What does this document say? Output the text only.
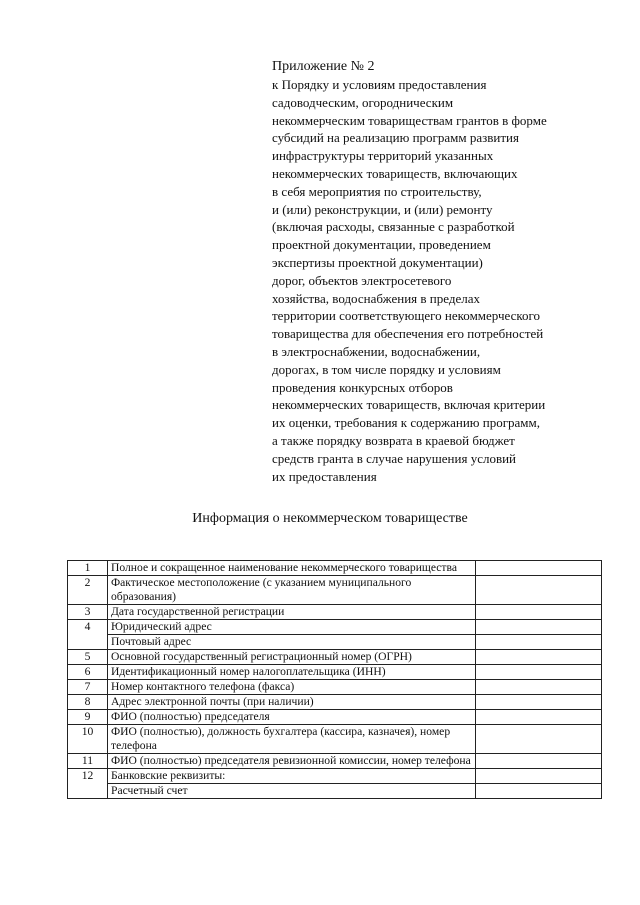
Приложение № 2
к Порядку и условиям предоставления
садоводческим, огородническим
некоммерческим товариществам грантов в форме
субсидий на реализацию программ развития
инфраструктуры территорий указанных
некоммерческих товариществ, включающих
в себя мероприятия по строительству,
и (или) реконструкции, и (или) ремонту
(включая расходы, связанные с разработкой
проектной документации, проведением
экспертизы проектной документации)
дорог, объектов электросетевого
хозяйства, водоснабжения в пределах
территории соответствующего некоммерческого
товарищества для обеспечения его потребностей
в электроснабжении, водоснабжении,
дорогах, в том числе порядку и условиям
проведения конкурсных отборов
некоммерческих товариществ, включая критерии
их оценки, требования к содержанию программ,
а также порядку возврата в краевой бюджет
средств гранта в случае нарушения условий
их предоставления
Информация о некоммерческом товариществе
1	Полное и сокращенное наименование некоммерческого товарищества	
2	Фактическое местоположение (с указанием муниципального образования)	
3	Дата государственной регистрации	
4	Юридический адрес	
	Почтовый адрес	
5	Основной государственный регистрационный номер (ОГРН)	
6	Идентификационный номер налогоплательщика (ИНН)	
7	Номер контактного телефона (факса)	
8	Адрес электронной почты (при наличии)	
9	ФИО (полностью) председателя	
10	ФИО (полностью), должность бухгалтера (кассира, казначея), номер телефона	
11	ФИО (полностью) председателя ревизионной комиссии, номер телефона	
12	Банковские реквизиты:	
	Расчетный счет	
